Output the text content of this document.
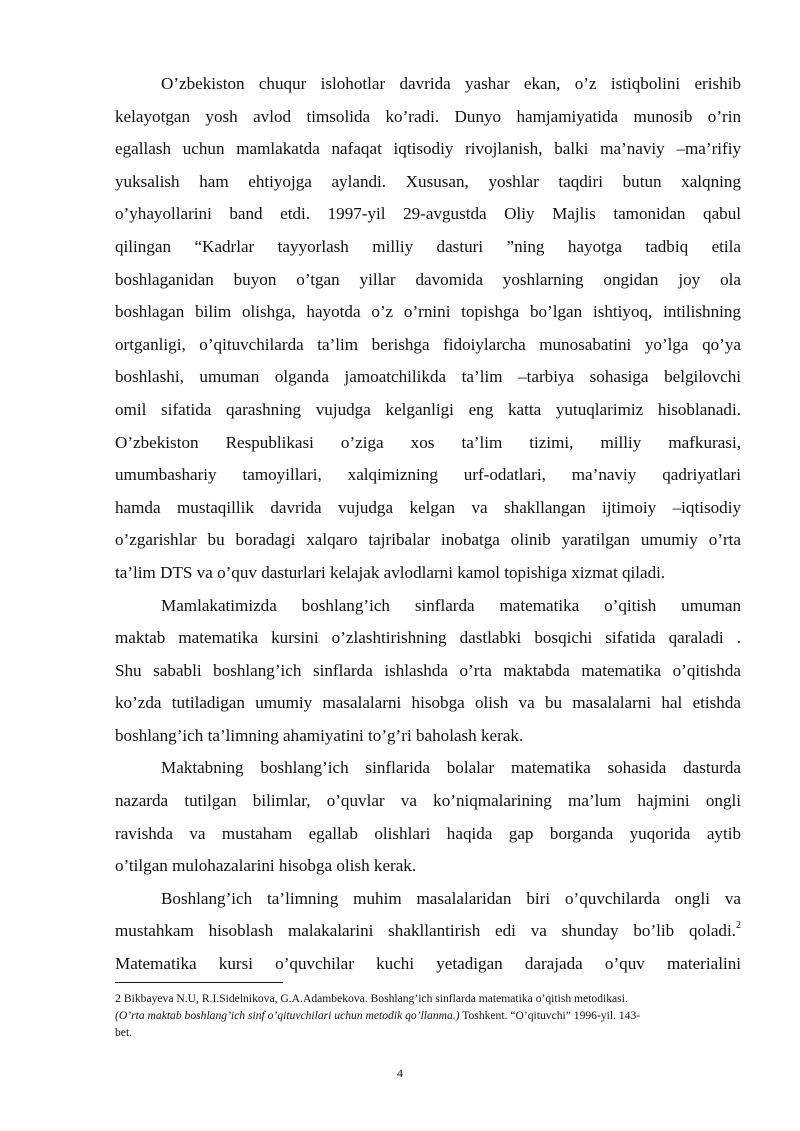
O’zbekiston chuqur islohotlar davrida yashar ekan, o’z istiqbolini erishib
kelayotgan yosh avlod timsolida ko’radi. Dunyo hamjamiyatida munosib o’rin
egallash uchun mamlakatda nafaqat iqtisodiy rivojlanish, balki ma’naviy –ma’rifiy
yuksalish ham ehtiyojga aylandi. Xususan, yoshlar taqdiri butun xalqning
o’yhayollarini band etdi. 1997-yil 29-avgustda Oliy Majlis tamonidan qabul
qilingan “Kadrlar tayyorlash milliy dasturi ”ning hayotga tadbiq etila
boshlaganidan buyon o’tgan yillar davomida yoshlarning ongidan joy ola
boshlagan bilim olishga, hayotda o’z o’rnini topishga bo’lgan ishtiyoq, intilishning
ortganligi, o’qituvchilarda ta’lim berishga fidoiylarcha munosabatini yo’lga qo’ya
boshlashi, umuman olganda jamoatchilikda ta’lim –tarbiya sohasiga belgilovchi
omil sifatida qarashning vujudga kelganligi eng katta yutuqlarimiz hisoblanadi.
O’zbekiston Respublikasi o’ziga xos ta’lim tizimi, milliy mafkurasi,
umumbashariy tamoyillari, xalqimizning urf-odatlari, ma’naviy qadriyatlari
hamda mustaqillik davrida vujudga kelgan va shakllangan ijtimoiy –iqtisodiy
o’zgarishlar bu boradagi xalqaro tajribalar inobatga olinib yaratilgan umumiy o’rta
ta’lim DTS va o’quv dasturlari kelajak avlodlarni kamol topishiga xizmat qiladi.
Mamlakatimizda boshlang’ich sinflarda matematika o’qitish umuman
maktab matematika kursini o’zlashtirishning dastlabki bosqichi sifatida qaraladi .
Shu sababli boshlang’ich sinflarda ishlashda o’rta maktabda matematika o’qitishda
ko’zda tutiladigan umumiy masalalarni hisobga olish va bu masalalarni hal etishda
boshlang’ich ta’limning ahamiyatini to’g’ri baholash kerak.
Maktabning boshlang’ich sinflarida bolalar matematika sohasida dasturda
nazarda tutilgan bilimlar, o’quvlar va ko’niqmalarining ma’lum hajmini ongli
ravishda va mustaham egallab olishlari haqida gap borganda yuqorida aytib
o’tilgan mulohazalarini hisobga olish kerak.
Boshlang’ich ta’limning muhim masalalaridan biri o’quvchilarda ongli va
mustahkam hisoblash malakalarini shakllantirish edi va shunday bo’lib qoladi.$^2$
Matematika kursi o’quvchilar kuchi yetadigan darajada o’quv materialini
2 Bikbayeva N.U, R.I.Sidelnikova, G.A.Adambekova. Boshlang’ich sinflarda matematika o’qitish metodikasi.
(O’rta maktab boshlang’ich sinf o’qituvchilari uchun metodik qo’llanma.) Toshkent. “O’qituvchi” 1996-yil. 143-
bet.
4
